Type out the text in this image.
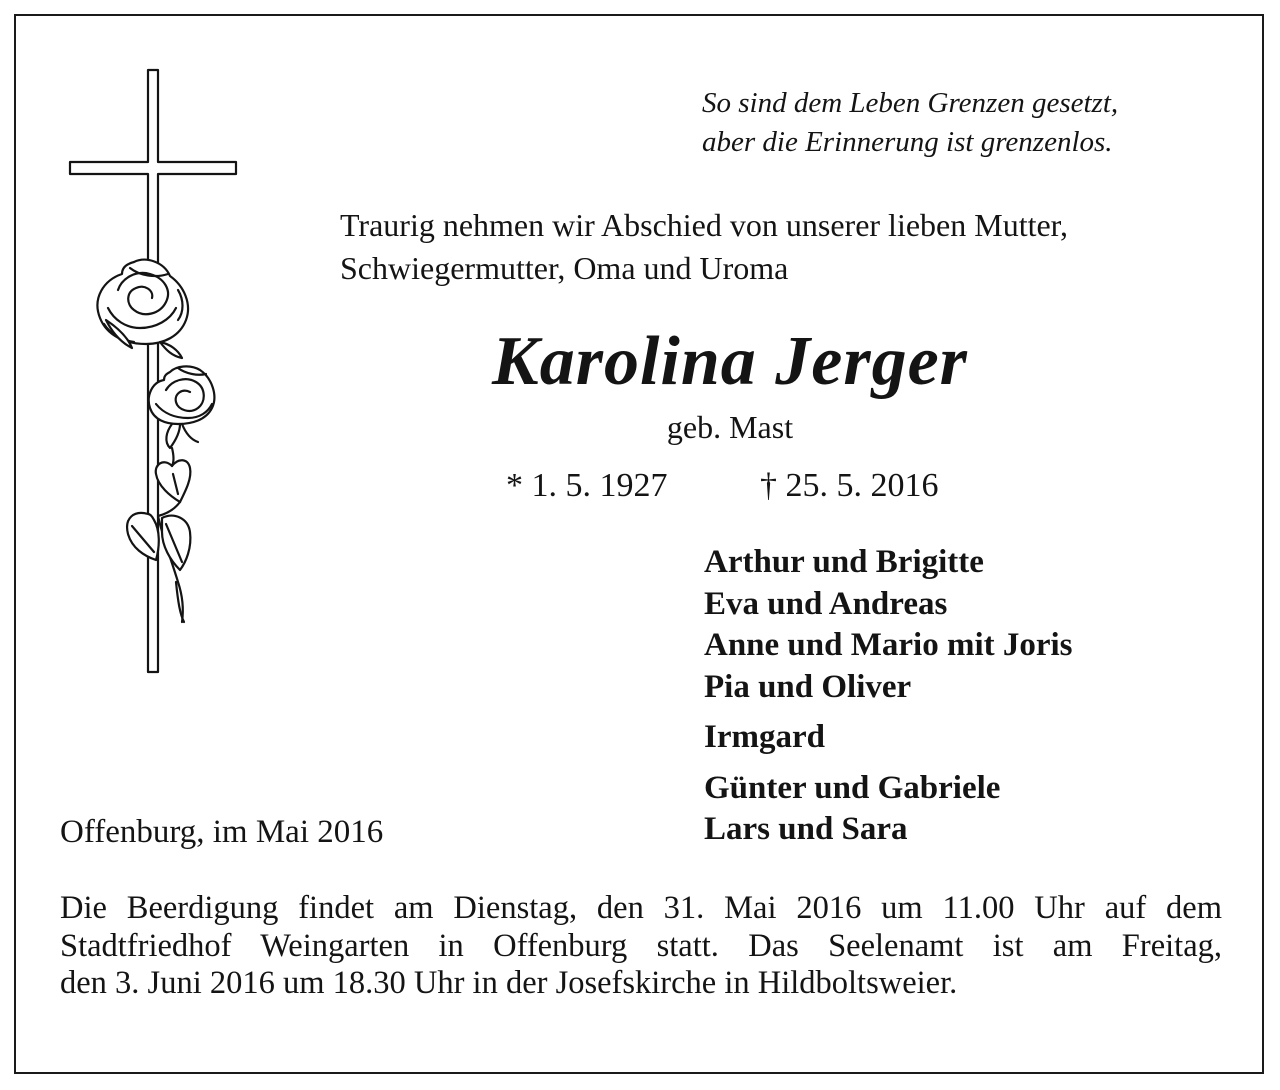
So sind dem Leben Grenzen gesetzt,

aber die Erinnerung ist grenzenlos.

Traurig nehmen wir Abschied von unserer lieben Mutter,

Schwiegermutter, Oma und Uroma

Karolina Jerger
geb. Mast
* 1. 5. 1927	† 25. 5. 2016
Arthur und Brigitte
Eva und Andreas
Anne und Mario mit Joris
Pia und Oliver
Irmgard
Günter und Gabriele
Lars und Sara
Offenburg, im Mai 2016
Die Beerdigung findet am Dienstag, den 31. Mai 2016 um 11.00 Uhr auf dem
Stadtfriedhof Weingarten in Offenburg statt. Das Seelenamt ist am Freitag,
den 3. Juni 2016 um 18.30 Uhr in der Josefskirche in Hildboltsweier.
